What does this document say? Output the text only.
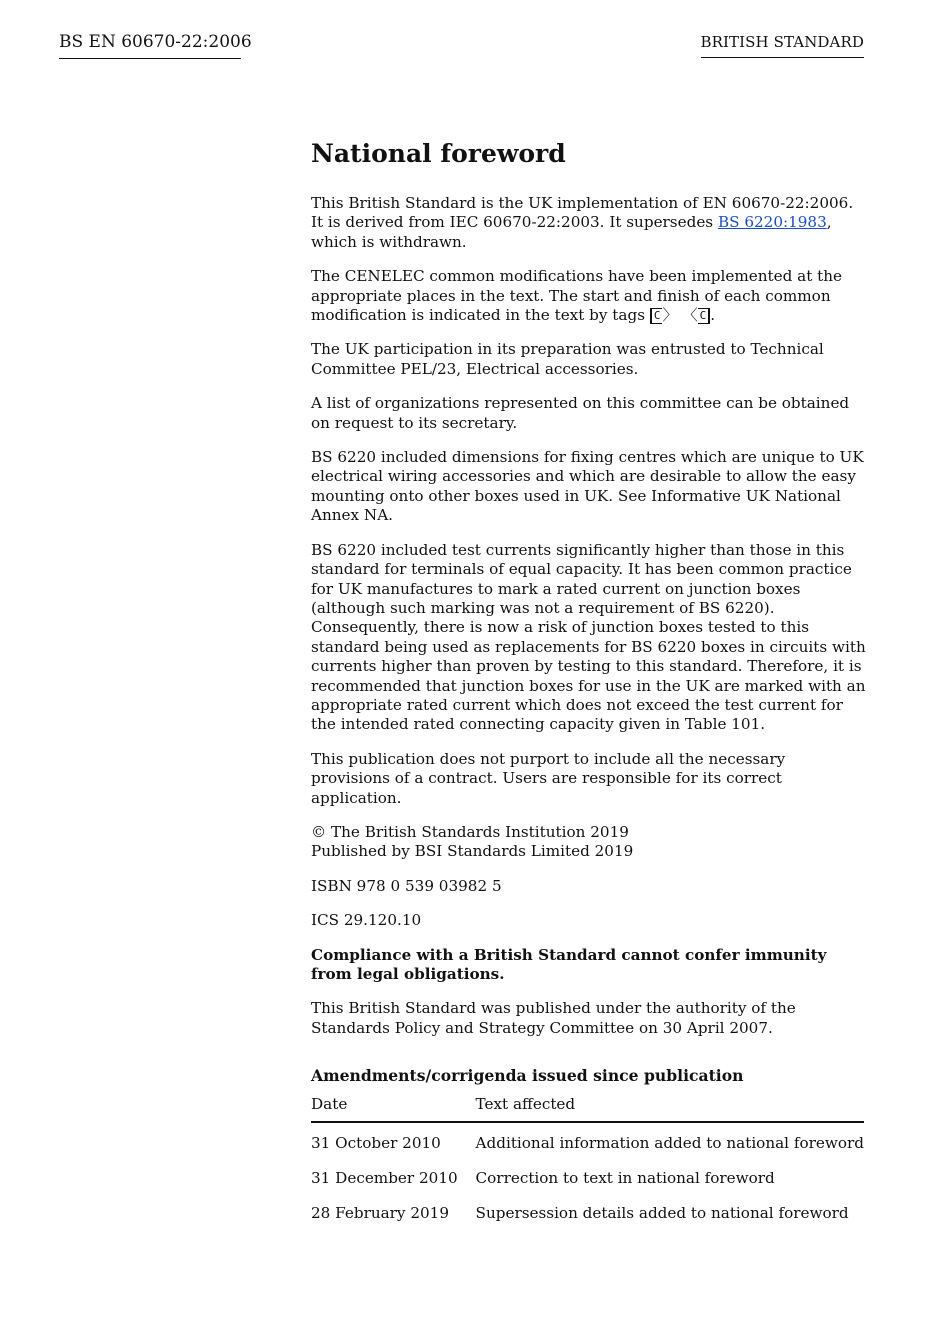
BS EN 60670-22:2006	BRITISH STANDARD
National foreword

This British Standard is the UK implementation of EN 60670-22:2006. It is derived from IEC 60670-22:2003. It supersedes BS 6220:1983, which is withdrawn.

The CENELEC common modifications have been implemented at the appropriate places in the text. The start and finish of each common modification is indicated in the text by tags C 〉 〈 C .

The UK participation in its preparation was entrusted to Technical Committee PEL/23, Electrical accessories.

A list of organizations represented on this committee can be obtained on request to its secretary.

BS 6220 included dimensions for fixing centres which are unique to UK electrical wiring accessories and which are desirable to allow the easy mounting onto other boxes used in UK. See Informative UK National Annex NA.

BS 6220 included test currents significantly higher than those in this standard for terminals of equal capacity. It has been common practice for UK manufactures to mark a rated current on junction boxes (although such marking was not a requirement of BS 6220). Consequently, there is now a risk of junction boxes tested to this standard being used as replacements for BS 6220 boxes in circuits with currents higher than proven by testing to this standard. Therefore, it is recommended that junction boxes for use in the UK are marked with an appropriate rated current which does not exceed the test current for the intended rated connecting capacity given in Table 101.

This publication does not purport to include all the necessary provisions of a contract. Users are responsible for its correct application.

© The British Standards Institution 2019
Published by BSI Standards Limited 2019

ISBN 978 0 539 03982 5

ICS 29.120.10

Compliance with a British Standard cannot confer immunity from legal obligations.

This British Standard was published under the authority of the Standards Policy and Strategy Committee on 30 April 2007.

Amendments/corrigenda issued since publication
Date	Text affected
31 October 2010	Additional information added to national foreword
31 December 2010	Correction to text in national foreword
28 February 2019	Supersession details added to national foreword
